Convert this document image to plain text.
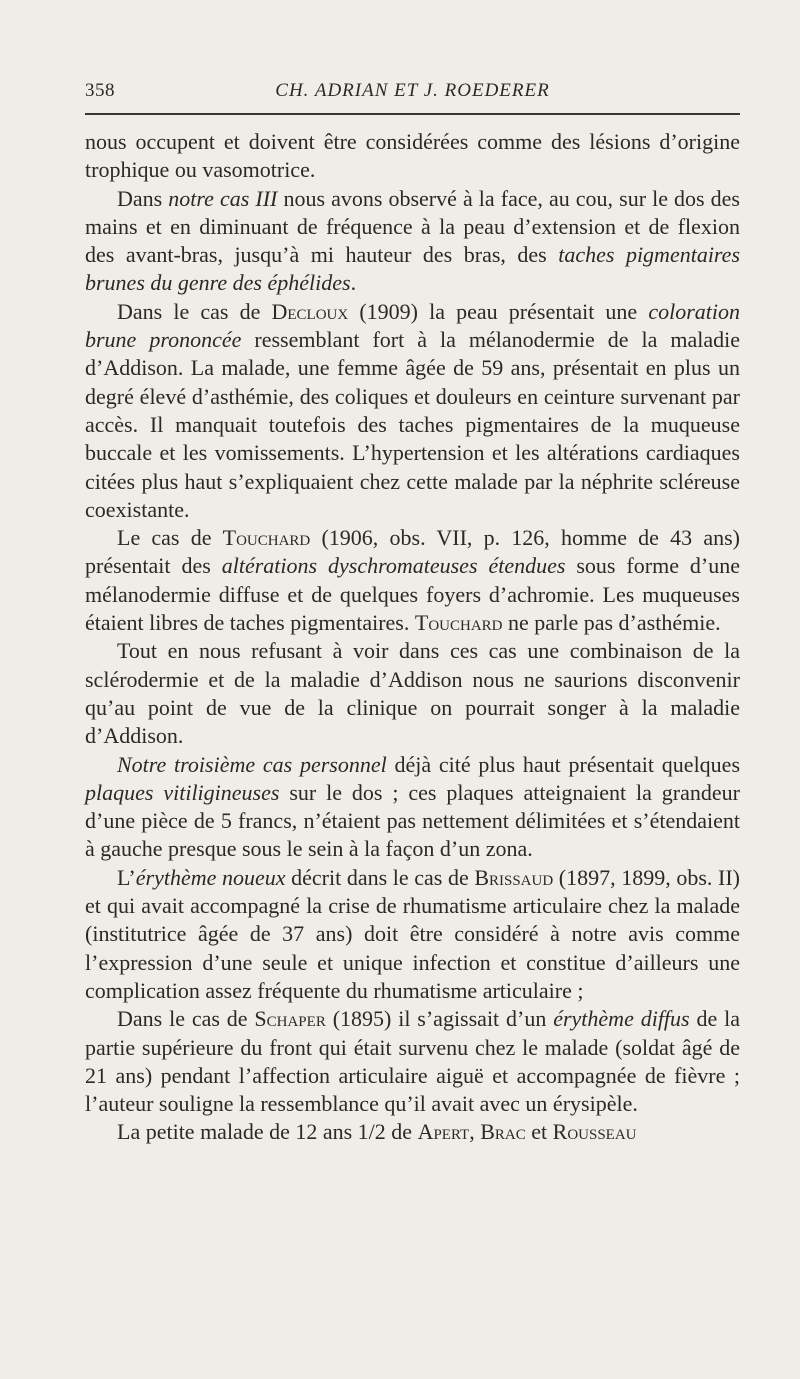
358	CH. ADRIAN ET J. ROEDERER

nous occupent et doivent être considérées comme des lésions d’origine trophique ou vasomotrice.

Dans notre cas III nous avons observé à la face, au cou, sur le dos des mains et en diminuant de fréquence à la peau d’extension et de flexion des avant-bras, jusqu’à mi hauteur des bras, des taches pigmentaires brunes du genre des éphélides.

Dans le cas de Decloux (1909) la peau présentait une coloration brune prononcée ressemblant fort à la mélanodermie de la maladie d’Addison. La malade, une femme âgée de 59 ans, présentait en plus un degré élevé d’asthémie, des coliques et douleurs en ceinture survenant par accès. Il manquait toutefois des taches pigmentaires de la muqueuse buccale et les vomissements. L’hypertension et les altérations cardiaques citées plus haut s’expliquaient chez cette malade par la néphrite scléreuse coexistante.

Le cas de Touchard (1906, obs. VII, p. 126, homme de 43 ans) présentait des altérations dyschromateuses étendues sous forme d’une mélanodermie diffuse et de quelques foyers d’achromie. Les muqueuses étaient libres de taches pigmentaires. Touchard ne parle pas d’asthémie.

Tout en nous refusant à voir dans ces cas une combinaison de la sclérodermie et de la maladie d’Addison nous ne saurions disconvenir qu’au point de vue de la clinique on pourrait songer à la maladie d’Addison.

Notre troisième cas personnel déjà cité plus haut présentait quelques plaques vitiligineuses sur le dos ; ces plaques atteignaient la grandeur d’une pièce de 5 francs, n’étaient pas nettement délimitées et s’étendaient à gauche presque sous le sein à la façon d’un zona.

L’érythème noueux décrit dans le cas de Brissaud (1897, 1899, obs. II) et qui avait accompagné la crise de rhumatisme articulaire chez la malade (institutrice âgée de 37 ans) doit être considéré à notre avis comme l’expression d’une seule et unique infection et constitue d’ailleurs une complication assez fréquente du rhumatisme articulaire ;

Dans le cas de Schaper (1895) il s’agissait d’un érythème diffus de la partie supérieure du front qui était survenu chez le malade (soldat âgé de 21 ans) pendant l’affection articulaire aiguë et accompagnée de fièvre ; l’auteur souligne la ressemblance qu’il avait avec un érysipèle.

La petite malade de 12 ans 1/2 de Apert, Brac et Rousseau
